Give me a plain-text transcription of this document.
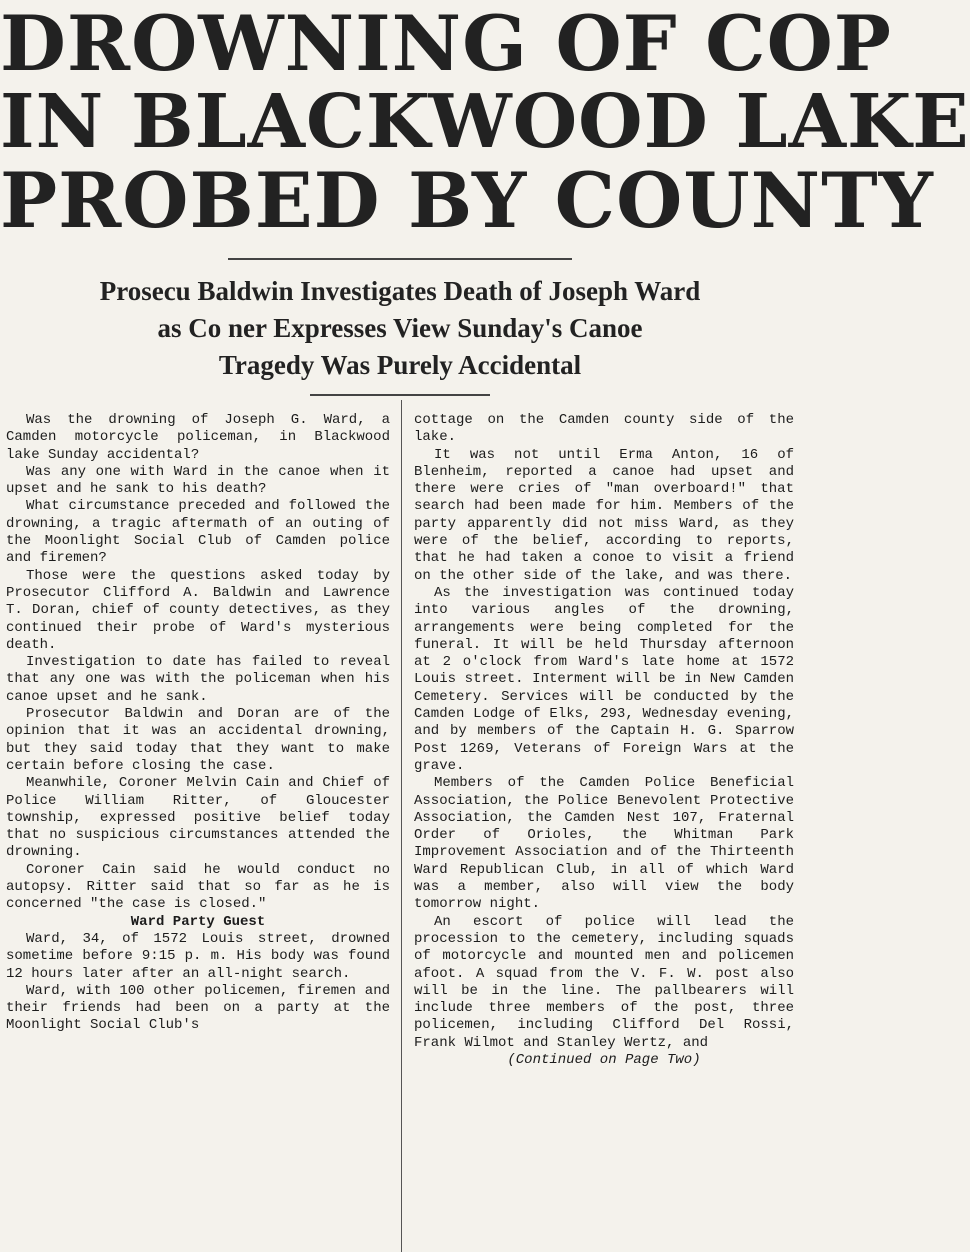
DROWNING OF COP
IN BLACKWOOD LAKE
PROBED BY COUNTY
Prosecu Baldwin Investigates Death of Joseph Ward
as Co ner Expresses View Sunday's Canoe
Tragedy Was Purely Accidental

Was the drowning of Joseph G. Ward, a Camden motorcycle policeman, in Blackwood lake Sunday accidental?

Was any one with Ward in the canoe when it upset and he sank to his death?

What circumstance preceded and followed the drowning, a tragic aftermath of an outing of the Moonlight Social Club of Camden police and firemen?

Those were the questions asked today by Prosecutor Clifford A. Baldwin and Lawrence T. Doran, chief of county detectives, as they continued their probe of Ward's mysterious death.

Investigation to date has failed to reveal that any one was with the policeman when his canoe upset and he sank.

Prosecutor Baldwin and Doran are of the opinion that it was an accidental drowning, but they said today that they want to make certain before closing the case.

Meanwhile, Coroner Melvin Cain and Chief of Police William Ritter, of Gloucester township, expressed positive belief today that no suspicious circumstances attended the drowning.

Coroner Cain said he would conduct no autopsy. Ritter said that so far as he is concerned "the case is closed."

Ward Party Guest

Ward, 34, of 1572 Louis street, drowned sometime before 9:15 p. m. His body was found 12 hours later after an all-night search.

Ward, with 100 other policemen, firemen and their friends had been on a party at the Moonlight Social Club's

cottage on the Camden county side of the lake.

It was not until Erma Anton, 16 of Blenheim, reported a canoe had upset and there were cries of "man overboard!" that search had been made for him. Members of the party apparently did not miss Ward, as they were of the belief, according to reports, that he had taken a conoe to visit a friend on the other side of the lake, and was there.

As the investigation was continued today into various angles of the drowning, arrangements were being completed for the funeral. It will be held Thursday afternoon at 2 o'clock from Ward's late home at 1572 Louis street. Interment will be in New Camden Cemetery. Services will be conducted by the Camden Lodge of Elks, 293, Wednesday evening, and by members of the Captain H. G. Sparrow Post 1269, Veterans of Foreign Wars at the grave.

Members of the Camden Police Beneficial Association, the Police Benevolent Protective Association, the Camden Nest 107, Fraternal Order of Orioles, the Whitman Park Improvement Association and of the Thirteenth Ward Republican Club, in all of which Ward was a member, also will view the body tomorrow night.

An escort of police will lead the procession to the cemetery, including squads of motorcycle and mounted men and policemen afoot. A squad from the V. F. W. post also will be in the line. The pallbearers will include three members of the post, three policemen, including Clifford Del Rossi, Frank Wilmot and Stanley Wertz, and

(Continued on Page Two)
